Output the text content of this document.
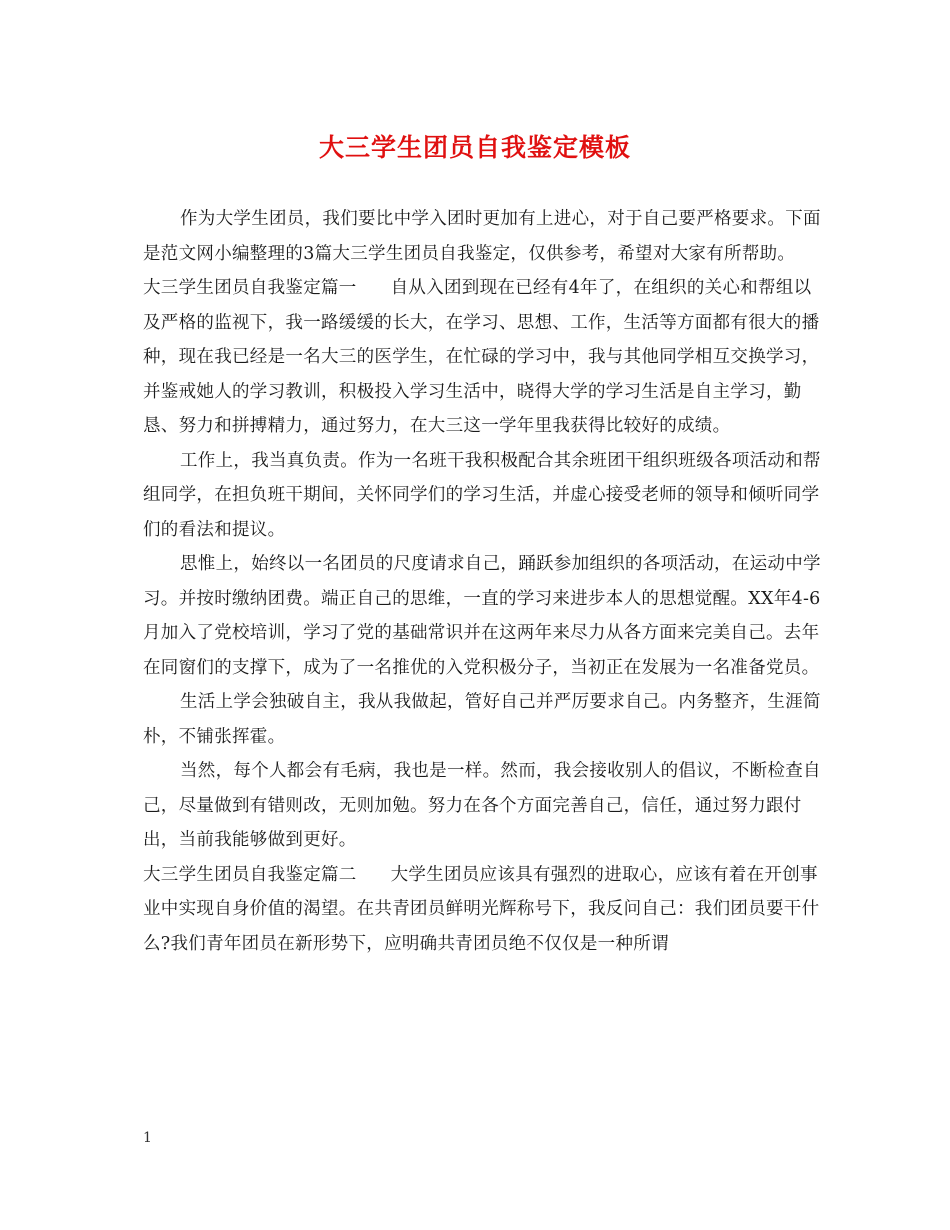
大三学生团员自我鉴定模板

作为大学生团员，我们要比中学入团时更加有上进心，对于自己要严格要求。下面是范文网小编整理的3篇大三学生团员自我鉴定，仅供参考，希望对大家有所帮助。

大三学生团员自我鉴定篇一 自从入团到现在已经有4年了，在组织的关心和帮组以及严格的监视下，我一路缓缓的长大，在学习、思想、工作，生活等方面都有很大的播种，现在我已经是一名大三的医学生，在忙碌的学习中，我与其他同学相互交换学习，并鉴戒她人的学习教训，积极投入学习生活中，晓得大学的学习生活是自主学习，勤恳、努力和拼搏精力，通过努力，在大三这一学年里我获得比较好的成绩。

工作上，我当真负责。作为一名班干我积极配合其余班团干组织班级各项活动和帮组同学，在担负班干期间，关怀同学们的学习生活，并虚心接受老师的领导和倾听同学们的看法和提议。

思惟上，始终以一名团员的尺度请求自己，踊跃参加组织的各项活动，在运动中学习。并按时缴纳团费。端正自己的思维，一直的学习来进步本人的思想觉醒。XX年4-6月加入了党校培训，学习了党的基础常识并在这两年来尽力从各方面来完美自己。去年在同窗们的支撑下，成为了一名推优的入党积极分子，当初正在发展为一名准备党员。

生活上学会独破自主，我从我做起，管好自己并严厉要求自己。内务整齐，生涯简朴，不铺张挥霍。

当然，每个人都会有毛病，我也是一样。然而，我会接收别人的倡议，不断检查自己，尽量做到有错则改，无则加勉。努力在各个方面完善自己，信任，通过努力跟付出，当前我能够做到更好。

大三学生团员自我鉴定篇二 大学生团员应该具有强烈的进取心，应该有着在开创事业中实现自身价值的渴望。在共青团员鲜明光辉称号下，我反问自己：我们团员要干什么?我们青年团员在新形势下，应明确共青团员绝不仅仅是一种所谓

1
